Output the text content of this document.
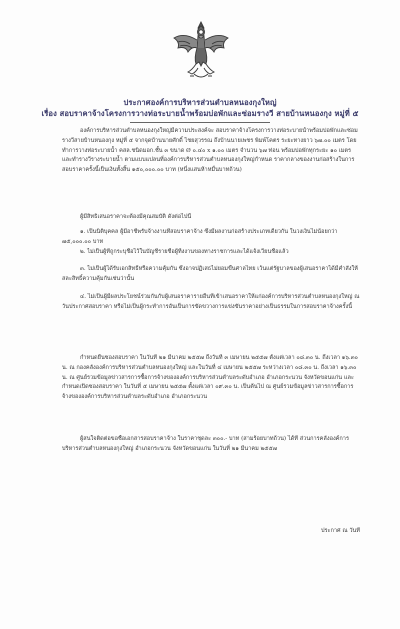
ประกาศองค์การบริหารส่วนตำบลหนองกุงใหญ่
เรื่อง สอบราคาจ้างโครงการวางท่อระบายน้ำพร้อมบ่อพักและซ่อมรางวี สายบ้านหนองกุง หมู่ที่ ๕
องค์การบริหารส่วนตำบลหนองกุงใหญ่มีความประสงค์จะ สอบราคาจ้างโครงการวางท่อระบายน้ำพร้อมบ่อพักและซ่อมรางวีสายบ้านหนองกุง หมู่ที่ ๕ จากจุดบ้านนายศักดิ์ ไชยสุวรรณ ถึงบ้านนายเพชร พิมพ์โคตร ระยะทางยาว ๖๗.๐๐ เมตร โดยทำการวางท่อระบายน้ำ คสล.ชนิดมอก.ชั้น ๓ ขนาด Ø ๐.๔๐ x ๑.๐๐ เมตร จำนวน ๖๗ ท่อน พร้อมบ่อพักทุกระยะ ๑๐ เมตร และทำรางวีรางระบายน้ำ ตามแบบแปลนที่องค์การบริหารส่วนตำบลหนองกุงใหญ่กำหนด ราคากลางของงานก่อสร้างในการสอบราคาครั้งนี้เป็นเงินทั้งสิ้น ๑๕๐,๐๐๐.๐๐ บาท (หนึ่งแสนห้าหมื่นบาทถ้วน)
ผู้มีสิทธิเสนอราคาจะต้องมีคุณสมบัติ ดังต่อไปนี้
๑. เป็นนิติบุคคล ผู้มีอาชีพรับจ้างงานที่สอบราคาจ้าง ซึ่งมีผลงานก่อสร้างประเภทเดียวกัน ในวงเงินไม่น้อยกว่า ๗๕,๐๐๐.๐๐ บาท
๒. ไม่เป็นผู้ที่ถูกระบุชื่อไว้ในบัญชีรายชื่อผู้ทิ้งงานของทางราชการและได้แจ้งเวียนชื่อแล้ว
๓. ไม่เป็นผู้ได้รับเอกสิทธิ์หรือความคุ้มกัน ซึ่งอาจปฏิเสธไม่ยอมขึ้นศาลไทย เว้นแต่รัฐบาลของผู้เสนอราคาได้มีคำสั่งให้สละสิทธิ์ความคุ้มกันเช่นว่านั้น
๔. ไม่เป็นผู้มีผลประโยชน์ร่วมกันกับผู้เสนอราคารายอื่นที่เข้าเสนอราคาให้แก่องค์การบริหารส่วนตำบลหนองกุงใหญ่ ณ วันประกาศสอบราคา หรือไม่เป็นผู้กระทำการอันเป็นการขัดขวางการแข่งขันราคาอย่างเป็นธรรมในการสอบราคาจ้างครั้งนี้
กำหนดยื่นซองสอบราคา ในวันที่ ๒๑ มีนาคม ๒๕๕๗ ถึงวันที่ ๓ เมษายน ๒๕๕๗ ตั้งแต่เวลา ๐๘.๓๐ น. ถึงเวลา ๑๖.๓๐ น. ณ กองคลังองค์การบริหารส่วนตำบลหนองกุงใหญ่ และในวันที่ ๔ เมษายน ๒๕๕๗ ระหว่างเวลา ๐๘.๓๐ น. ถึงเวลา ๑๖.๓๐ น. ณ ศูนย์รวมข้อมูลข่าวสารการซื้อการจ้างขององค์การบริหารส่วนตำบลระดับอำเภอ อำเภอกระนวน จังหวัดขอนแก่น และกำหนดเปิดซองสอบราคา ในวันที่ ๕ เมษายน ๒๕๕๗ ตั้งแต่เวลา ๐๙.๓๐ น. เป็นต้นไป ณ ศูนย์รวมข้อมูลข่าวสารการซื้อการจ้างขององค์การบริหารส่วนตำบลระดับอำเภอ อำเภอกระนวน
ผู้สนใจติดต่อขอซื้อเอกสารสอบราคาจ้าง ในราคาชุดละ ๓๐๐.- บาท (สามร้อยบาทถ้วน) ได้ที่ ส่วนการคลังองค์การบริหารส่วนตำบลหนองกุงใหญ่ อำเภอกระนวน จังหวัดขอนแก่น ในวันที่ ๒๑ มีนาคม ๒๕๕๗
ประกาศ ณ วันที่
